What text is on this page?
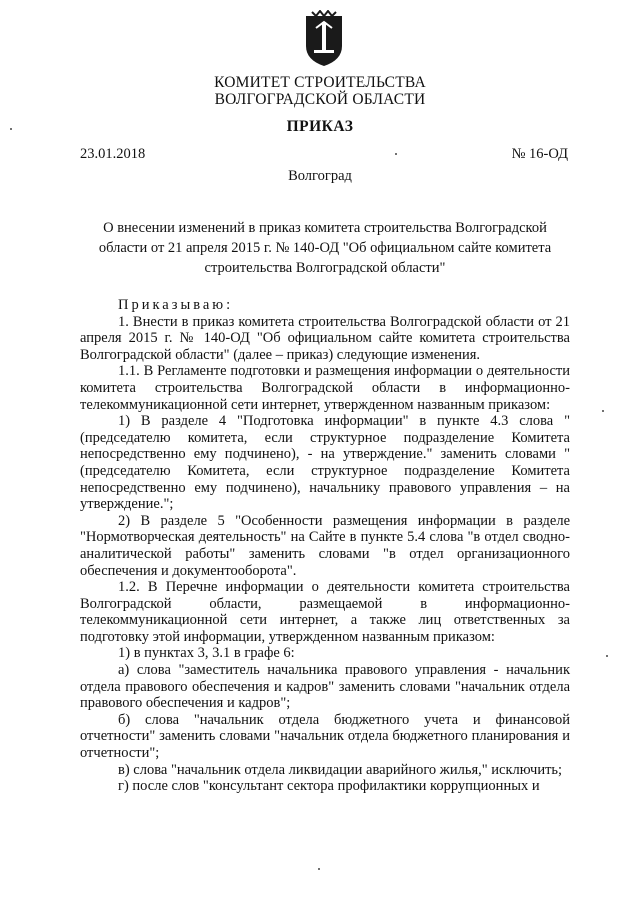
КОМИТЕТ СТРОИТЕЛЬСТВА
ВОЛГОГРАДСКОЙ ОБЛАСТИ
ПРИКАЗ
23.01.2018	№ 16-ОД
Волгоград
О внесении изменений в приказ комитета строительства Волгоградской области от 21 апреля 2015 г. № 140-ОД "Об официальном сайте комитета строительства Волгоградской области"

Приказываю:

1. Внести в приказ комитета строительства Волгоградской области от 21 апреля 2015 г. № 140-ОД "Об официальном сайте комитета строительства Волгоградской области" (далее – приказ) следующие изменения.

1.1. В Регламенте подготовки и размещения информации о деятельности комитета строительства Волгоградской области в информационно-телекоммуникационной сети интернет, утвержденном названным приказом:

1) В разделе 4 "Подготовка информации" в пункте 4.3 слова "(председателю комитета, если структурное подразделение Комитета непосредственно ему подчинено), - на утверждение." заменить словами "(председателю Комитета, если структурное подразделение Комитета непосредственно ему подчинено), начальнику правового управления – на утверждение.";

2) В разделе 5 "Особенности размещения информации в разделе "Нормотворческая деятельность" на Сайте в пункте 5.4 слова "в отдел сводно-аналитической работы" заменить словами "в отдел организационного обеспечения и документооборота".

1.2. В Перечне информации о деятельности комитета строительства Волгоградской области, размещаемой в информационно-телекоммуникационной сети интернет, а также лиц ответственных за подготовку этой информации, утвержденном названным приказом:

1) в пунктах 3, 3.1 в графе 6:

а) слова "заместитель начальника правового управления - начальник отдела правового обеспечения и кадров" заменить словами "начальник отдела правового обеспечения и кадров";

б) слова "начальник отдела бюджетного учета и финансовой отчетности" заменить словами "начальник отдела бюджетного планирования и отчетности";

в) слова "начальник отдела ликвидации аварийного жилья," исключить;

г) после слов "консультант сектора профилактики коррупционных и
